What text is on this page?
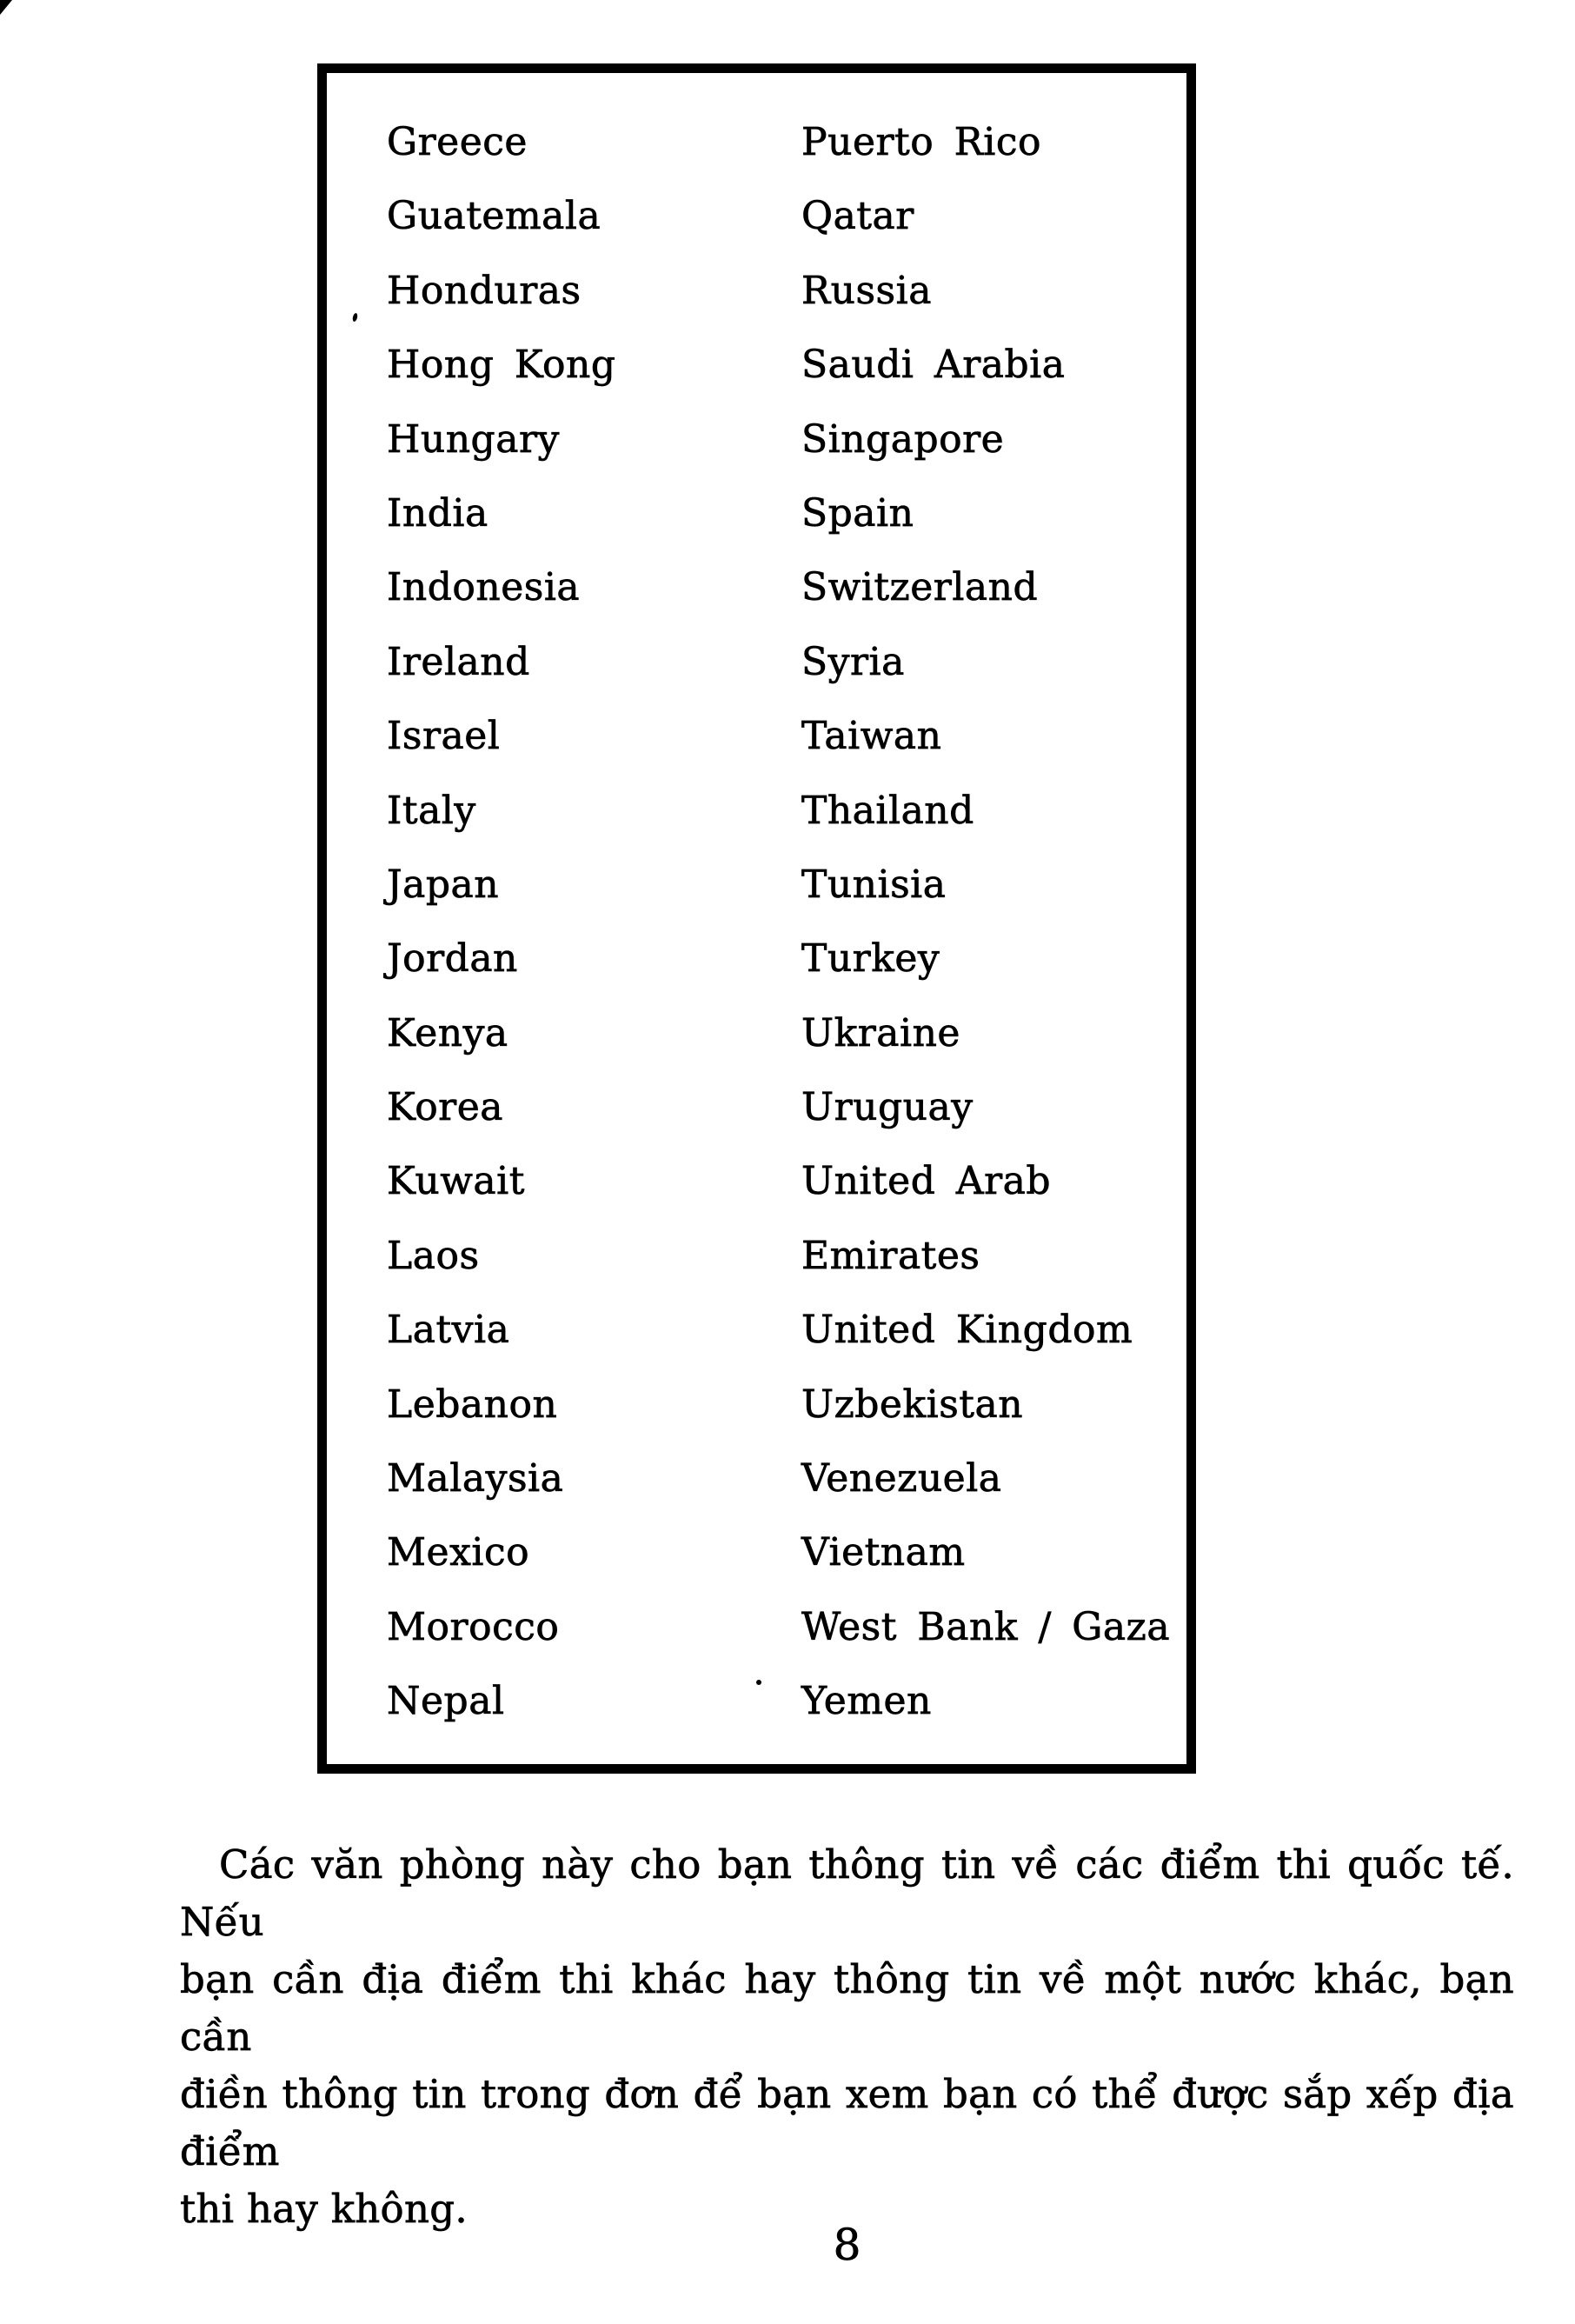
Greece
Guatemala
Honduras
Hong Kong
Hungary
India
Indonesia
Ireland
Israel
Italy
Japan
Jordan
Kenya
Korea
Kuwait
Laos
Latvia
Lebanon
Malaysia
Mexico
Morocco
Nepal
Puerto Rico
Qatar
Russia
Saudi Arabia
Singapore
Spain
Switzerland
Syria
Taiwan
Thailand
Tunisia
Turkey
Ukraine
Uruguay
United Arab
Emirates
United Kingdom
Uzbekistan
Venezuela
Vietnam
West Bank / Gaza
Yemen
Các văn phòng này cho bạn thông tin về các điểm thi quốc tế. Nếu
bạn cần địa điểm thi khác hay thông tin về một nước khác, bạn cần
điền thông tin trong đơn để bạn xem bạn có thể được sắp xếp địa điểm
thi hay không.
8
